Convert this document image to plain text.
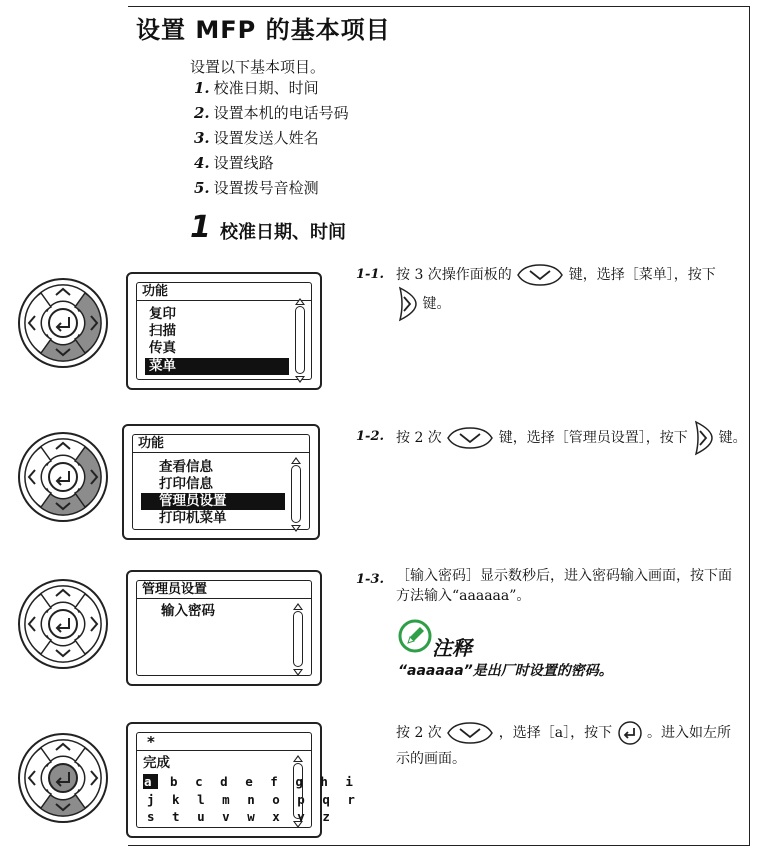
设置 MFP 的基本项目
设置以下基本项目。
1. 校准日期、时间
2. 设置本机的电话号码
3. 设置发送人姓名
4. 设置线路
5. 设置拨号音检测
1 校准日期、时间
功能
复印
扫描
传真
菜单
1-1. 按 3 次操作面板的	键，选择［菜单］，按下
键。
功能
查看信息
打印信息
管理员设置
打印机菜单
1-2. 按 2 次	键，选择［管理员设置］，按下 键。
管理员设置
输入密码
1-3. ［输入密码］显示数秒后，进入密码输入画面，按下面
方法输入“aaaaaa”。
注释
“aaaaaa”是出厂时设置的密码。
*
完成
a b c d e f g h i
j k l m n o p q r
s t u v w x y z
按 2 次	，选择［a］，按下 。进入如左所
示的画面。
